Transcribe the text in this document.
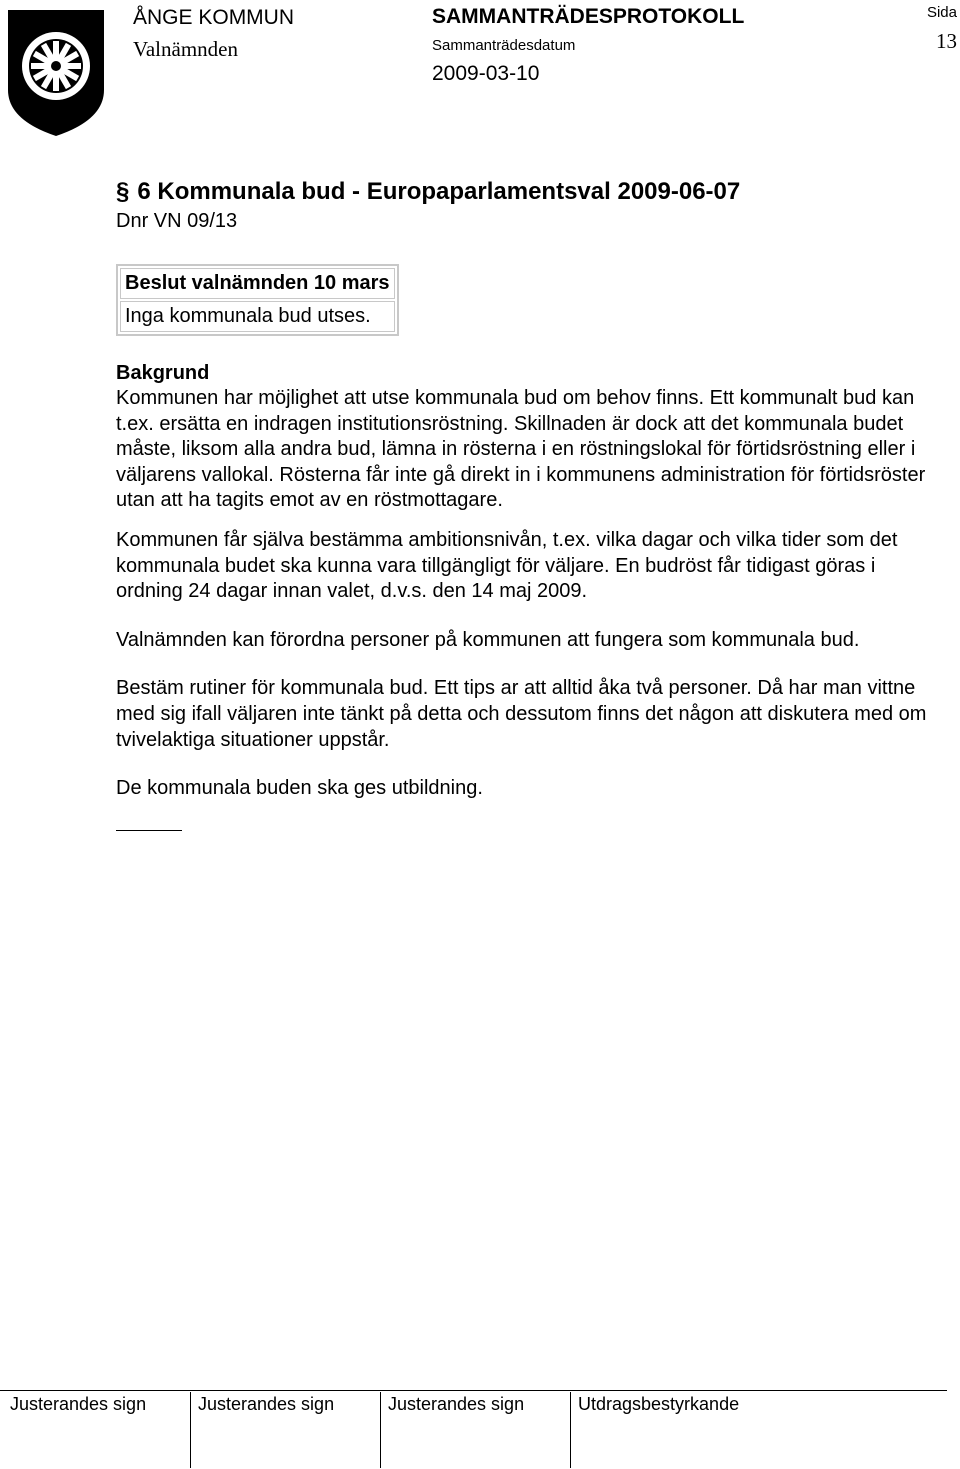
ÅNGE KOMMUN
Valnämnden
SAMMANTRÄDESPROTOKOLL
Sammanträdesdatum
2009-03-10
Sida
13
§ 6 Kommunala bud - Europaparlamentsval 2009-06-07

Dnr VN 09/13

Beslut valnämnden 10 mars
Inga kommunala bud utses.
Bakgrund

Kommunen har möjlighet att utse kommunala bud om behov finns. Ett kommunalt bud kan t.ex. ersätta en indragen institutionsröstning. Skillnaden är dock att det kommunala budet måste, liksom alla andra bud, lämna in rösterna i en röstningslokal för förtidsröstning eller i väljarens vallokal. Rösterna får inte gå direkt in i kommunens administration för förtidsröster utan att ha tagits emot av en röstmottagare.

Kommunen får själva bestämma ambitionsnivån, t.ex. vilka dagar och vilka tider som det kommunala budet ska kunna vara tillgängligt för väljare. En budröst får tidigast göras i ordning 24 dagar innan valet, d.v.s. den 14 maj 2009.

Valnämnden kan förordna personer på kommunen att fungera som kommunala bud.

Bestäm rutiner för kommunala bud. Ett tips ar att alltid åka två personer. Då har man vittne med sig ifall väljaren inte tänkt på detta och dessutom finns det någon att diskutera med om tvivelaktiga situationer uppstår.

De kommunala buden ska ges utbildning.

Justerandes sign	Justerandes sign	Justerandes sign	Utdragsbestyrkande
